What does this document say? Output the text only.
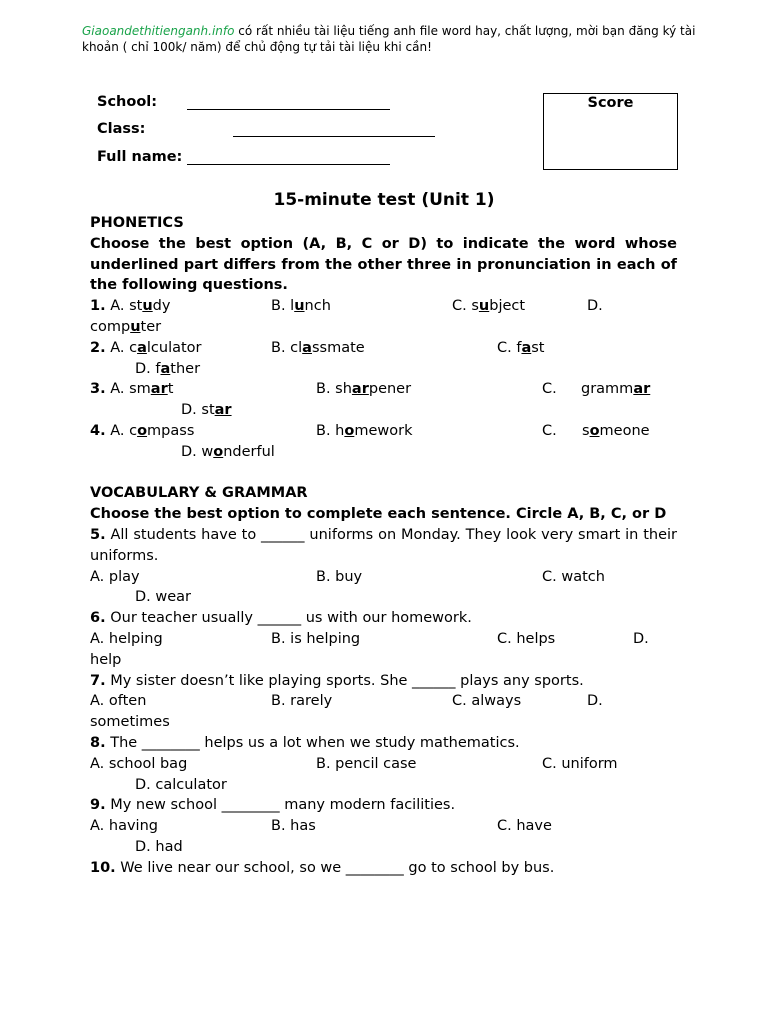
Giaoandethitienganh.info có rất nhiều tài liệu tiếng anh file word hay, chất lượng, mời bạn đăng ký tài khoản ( chỉ 100k/ năm) để chủ động tự tải tài liệu khi cần!
School:
Class:
Full name:
Score
15-minute test (Unit 1)
PHONETICS
Choose the best option (A, B, C or D) to indicate the word whose underlined part differs from the other three in pronunciation in each of the following questions.
1. A. study	B. lunch	C. subject	D.
computer
2. A. calculator	B. classmate	C. fast
D. father
3. A. smart	B. sharpener	C. grammar
D. star
4. A. compass	B. homework	C. someone
D. wonderful
VOCABULARY & GRAMMAR
Choose the best option to complete each sentence. Circle A, B, C, or D
5. All students have to ______ uniforms on Monday. They look very smart in their uniforms.
A. play	B. buy	C. watch
D. wear
6. Our teacher usually ______ us with our homework.
A. helping	B. is helping	C. helps	D.
help
7. My sister doesn’t like playing sports. She ______ plays any sports.
A. often	B. rarely	C. always	D.
sometimes
8. The ________ helps us a lot when we study mathematics.
A. school bag	B. pencil case	C. uniform
D. calculator
9. My new school ________ many modern facilities.
A. having	B. has	C. have
D. had
10. We live near our school, so we ________ go to school by bus.
